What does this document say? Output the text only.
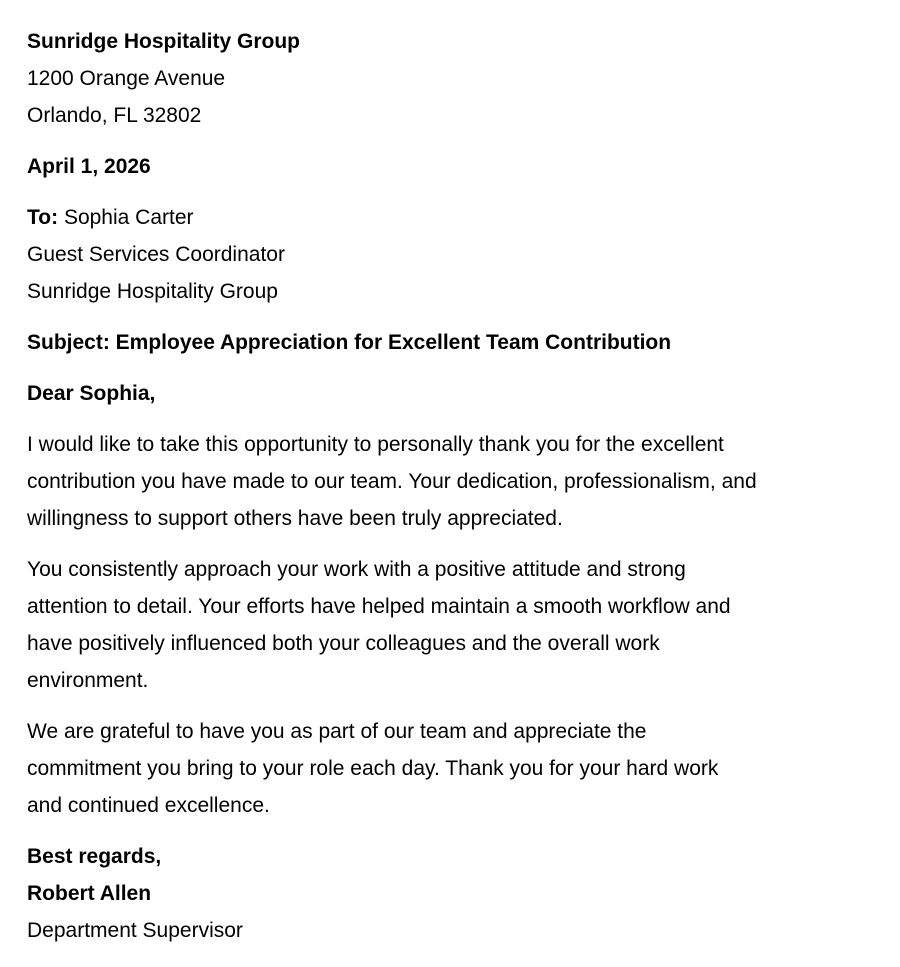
Sunridge Hospitality Group
1200 Orange Avenue
Orlando, FL 32802
April 1, 2026
To: Sophia Carter
Guest Services Coordinator
Sunridge Hospitality Group
Subject: Employee Appreciation for Excellent Team Contribution
Dear Sophia,
I would like to take this opportunity to personally thank you for the excellent
contribution you have made to our team. Your dedication, professionalism, and
willingness to support others have been truly appreciated.
You consistently approach your work with a positive attitude and strong
attention to detail. Your efforts have helped maintain a smooth workflow and
have positively influenced both your colleagues and the overall work
environment.
We are grateful to have you as part of our team and appreciate the
commitment you bring to your role each day. Thank you for your hard work
and continued excellence.
Best regards,
Robert Allen
Department Supervisor
